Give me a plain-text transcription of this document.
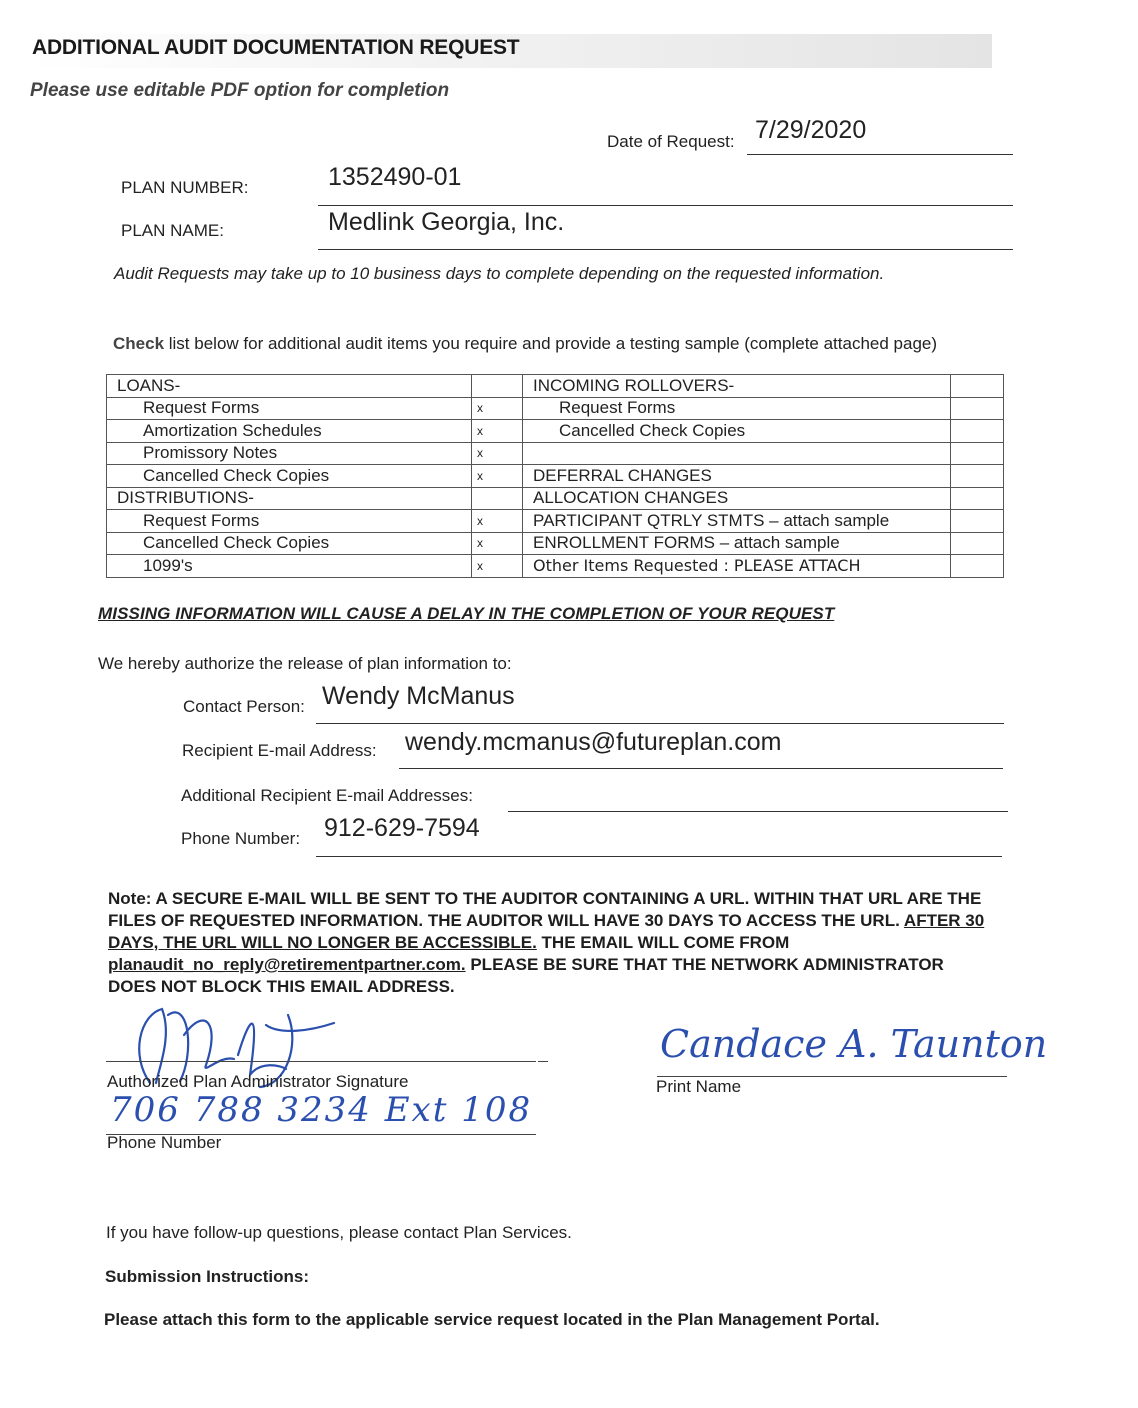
ADDITIONAL AUDIT DOCUMENTATION REQUEST
Please use editable PDF option for completion
Date of Request: 7/29/2020
PLAN NUMBER:	1352490-01
PLAN NAME:	Medlink Georgia, Inc.
Audit Requests may take up to 10 business days to complete depending on the requested information.
Check list below for additional audit items you require and provide a testing sample (complete attached page)
LOANS-		INCOMING ROLLOVERS-	
Request Forms	x	Request Forms	
Amortization Schedules	x	Cancelled Check Copies	
Promissory Notes	x		
Cancelled Check Copies	x	DEFERRAL CHANGES	
DISTRIBUTIONS-		ALLOCATION CHANGES	
Request Forms	x	PARTICIPANT QTRLY STMTS – attach sample	
Cancelled Check Copies	x	ENROLLMENT FORMS – attach sample	
1099's	x	Other Items Requested : PLEASE ATTACH	
MISSING INFORMATION WILL CAUSE A DELAY IN THE COMPLETION OF YOUR REQUEST
We hereby authorize the release of plan information to:
Contact Person: Wendy McManus
Recipient E-mail Address: wendy.mcmanus@futureplan.com
Additional Recipient E-mail Addresses:
Phone Number: 912-629-7594
Note: A SECURE E-MAIL WILL BE SENT TO THE AUDITOR CONTAINING A URL. WITHIN THAT URL ARE THE FILES OF REQUESTED INFORMATION. THE AUDITOR WILL HAVE 30 DAYS TO ACCESS THE URL. AFTER 30 DAYS, THE URL WILL NO LONGER BE ACCESSIBLE. THE EMAIL WILL COME FROM planaudit_no_reply@retirementpartner.com. PLEASE BE SURE THAT THE NETWORK ADMINISTRATOR DOES NOT BLOCK THIS EMAIL ADDRESS.
Authorized Plan Administrator Signature
Candace A. Taunton
Print Name
706 788 3234 Ext 108
Phone Number
If you have follow-up questions, please contact Plan Services.
Submission Instructions:
Please attach this form to the applicable service request located in the Plan Management Portal.
